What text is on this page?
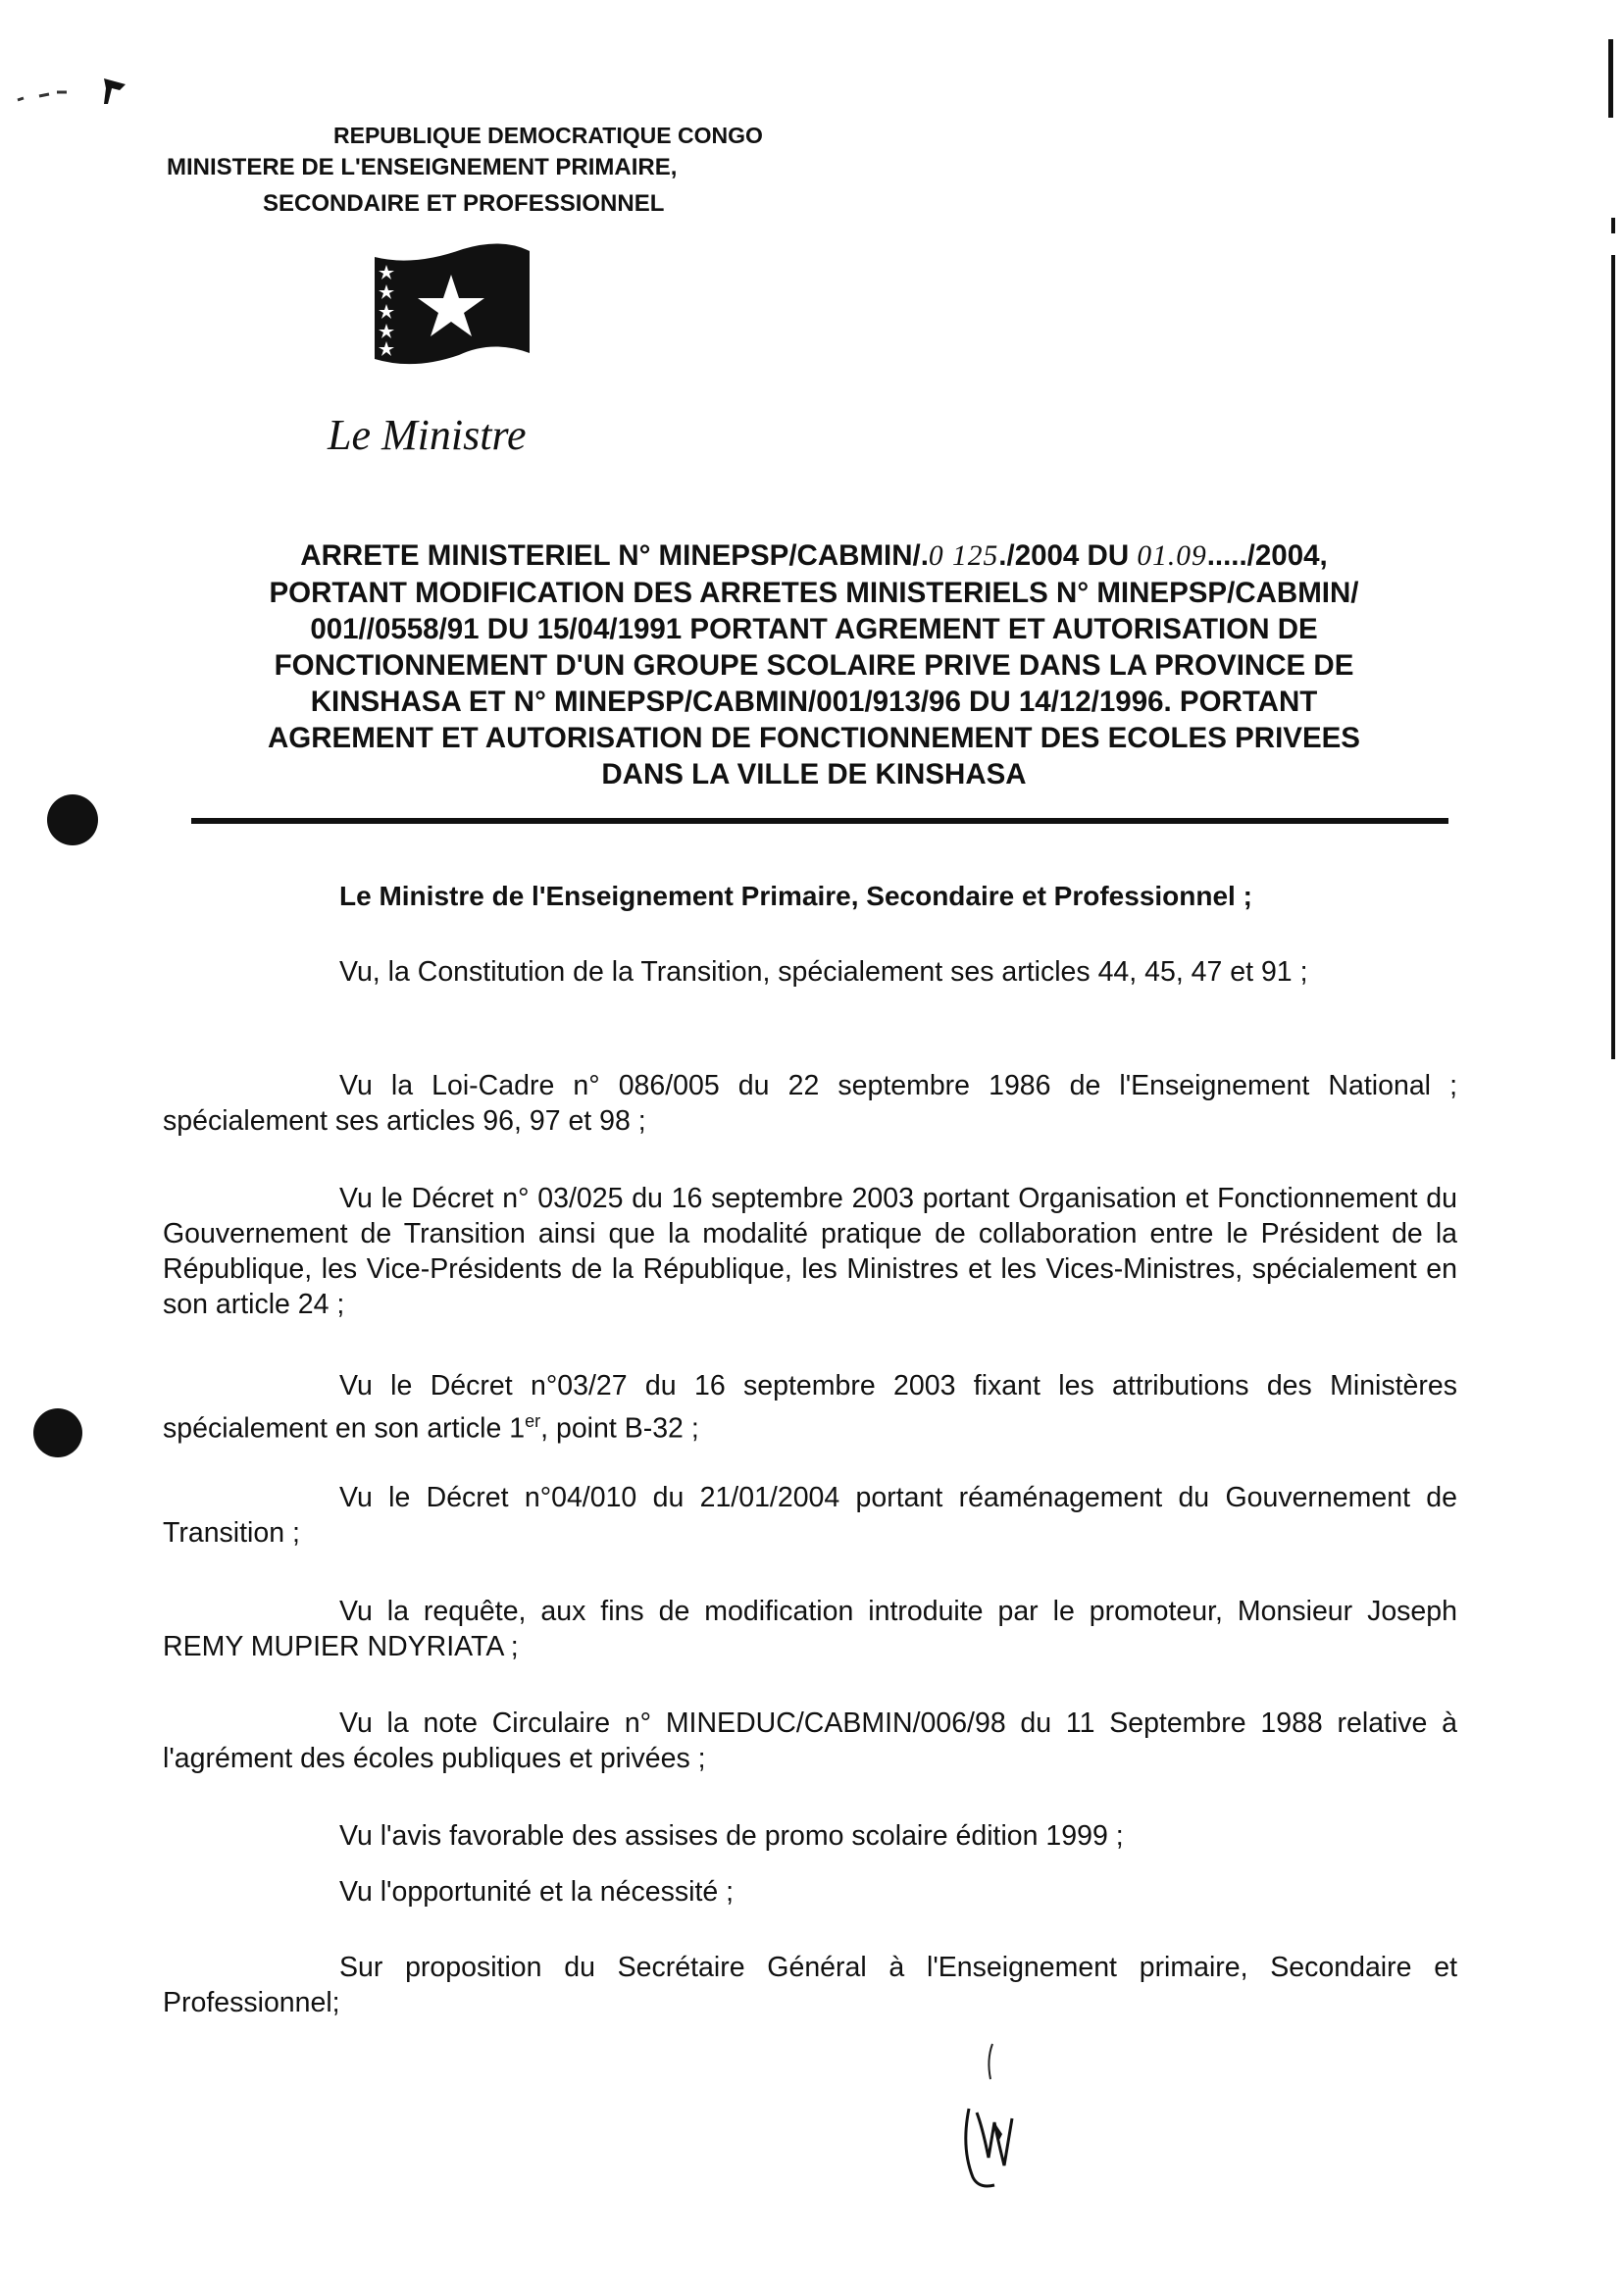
REPUBLIQUE DEMOCRATIQUE CONGO
MINISTERE DE L'ENSEIGNEMENT PRIMAIRE,
SECONDAIRE ET PROFESSIONNEL
Le Ministre
ARRETE MINISTERIEL N° MINEPSP/CABMIN/.0 125./2004 DU 01.09...../2004,
PORTANT MODIFICATION DES ARRETES MINISTERIELS N° MINEPSP/CABMIN/
001//0558/91 DU 15/04/1991 PORTANT AGREMENT ET AUTORISATION DE
FONCTIONNEMENT D'UN GROUPE SCOLAIRE PRIVE DANS LA PROVINCE DE
KINSHASA ET N° MINEPSP/CABMIN/001/913/96 DU 14/12/1996. PORTANT
AGREMENT ET AUTORISATION DE FONCTIONNEMENT DES ECOLES PRIVEES
DANS LA VILLE DE KINSHASA
Le Ministre de l'Enseignement Primaire, Secondaire et Professionnel ;
Vu, la Constitution de la Transition, spécialement ses articles 44, 45, 47 et 91 ;
Vu la Loi-Cadre n° 086/005 du 22 septembre 1986 de l'Enseignement National ; spécialement ses articles 96, 97 et 98 ;
Vu le Décret n° 03/025 du 16 septembre 2003 portant Organisation et Fonctionnement du Gouvernement de Transition ainsi que la modalité pratique de collaboration entre le Président de la République, les Vice-Présidents de la République, les Ministres et les Vices-Ministres, spécialement en son article 24 ;
Vu le Décret n°03/27 du 16 septembre 2003 fixant les attributions des Ministères spécialement en son article 1er, point B-32 ;
Vu le Décret n°04/010 du 21/01/2004 portant réaménagement du Gouvernement de Transition ;
Vu la requête, aux fins de modification introduite par le promoteur, Monsieur Joseph REMY MUPIER NDYRIATA ;
Vu la note Circulaire n° MINEDUC/CABMIN/006/98 du 11 Septembre 1988 relative à l'agrément des écoles publiques et privées ;
Vu l'avis favorable des assises de promo scolaire édition 1999 ;
Vu l'opportunité et la nécessité ;
Sur proposition du Secrétaire Général à l'Enseignement primaire, Secondaire et Professionnel;
